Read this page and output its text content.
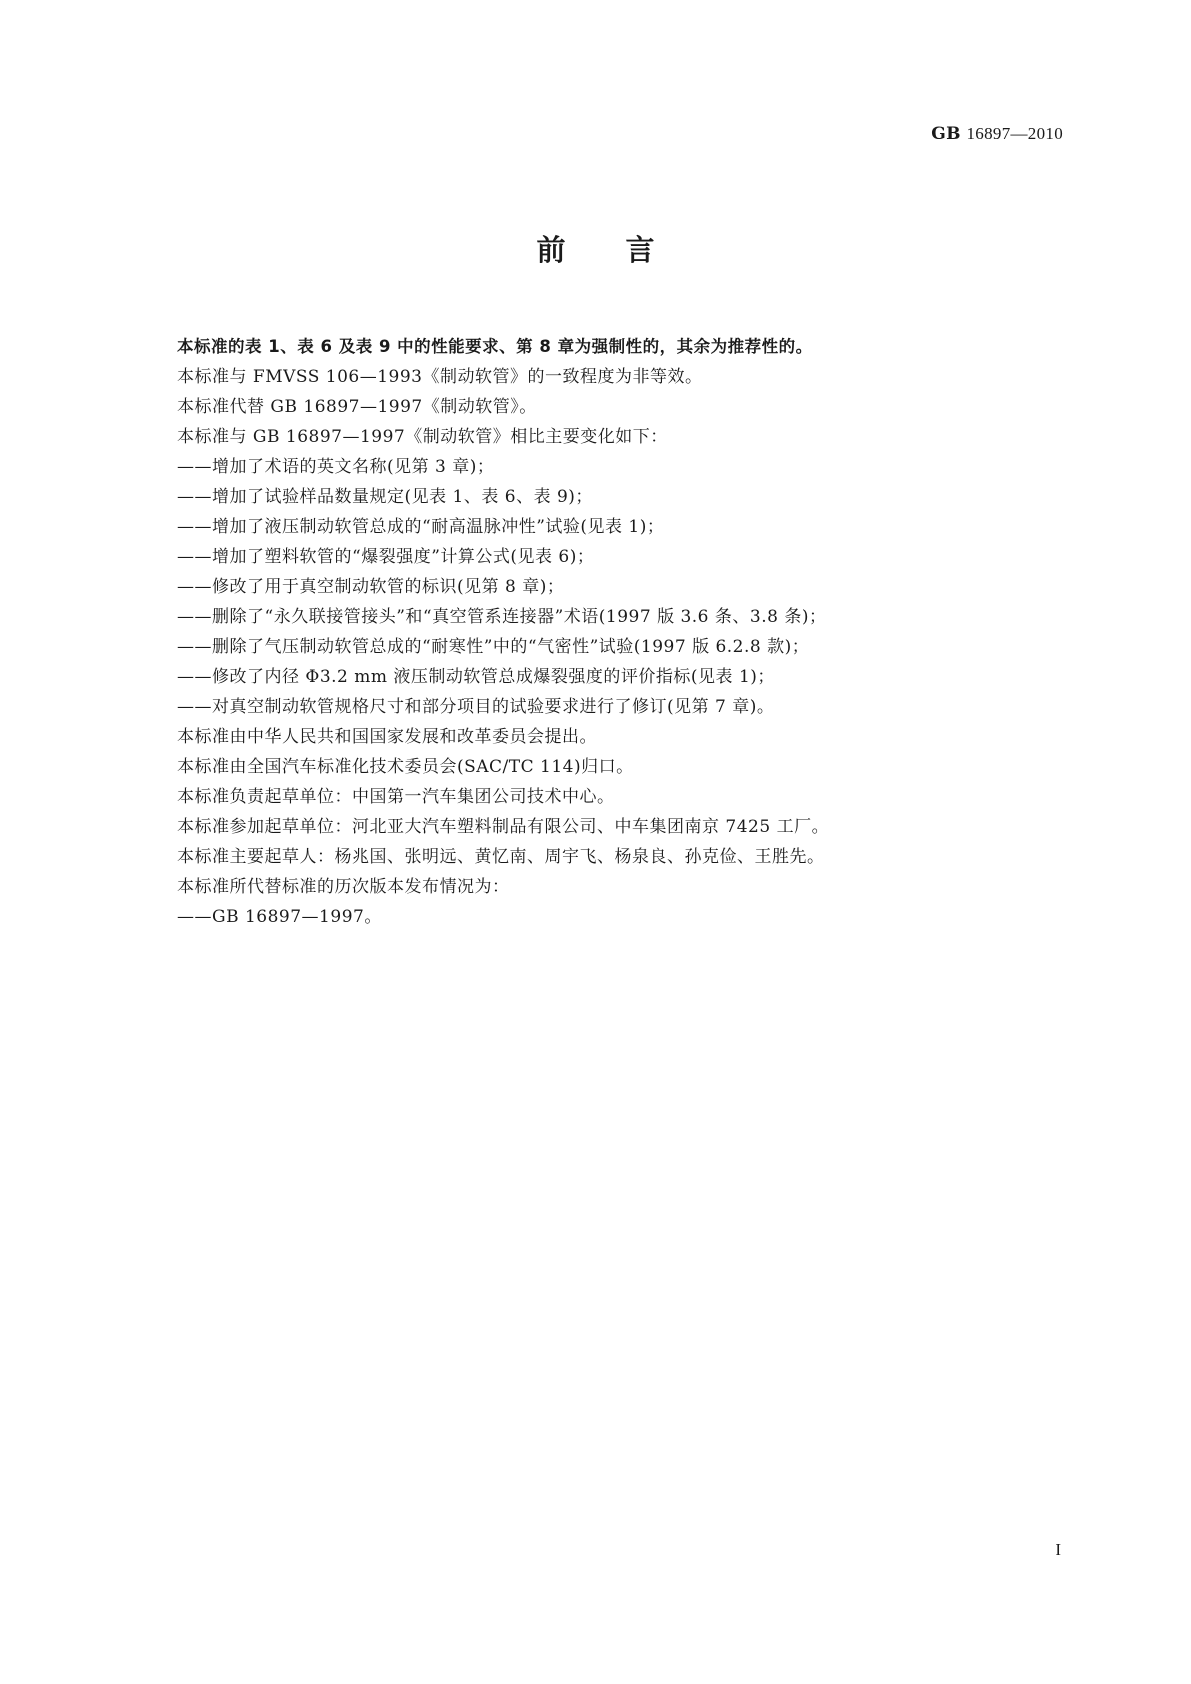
GB 16897—2010
前言
本标准的表 1、表 6 及表 9 中的性能要求、第 8 章为强制性的，其余为推荐性的。
本标准与 FMVSS 106—1993《制动软管》的一致程度为非等效。
本标准代替 GB 16897—1997《制动软管》。
本标准与 GB 16897—1997《制动软管》相比主要变化如下：
——增加了术语的英文名称(见第 3 章)；
——增加了试验样品数量规定(见表 1、表 6、表 9)；
——增加了液压制动软管总成的“耐高温脉冲性”试验(见表 1)；
——增加了塑料软管的“爆裂强度”计算公式(见表 6)；
——修改了用于真空制动软管的标识(见第 8 章)；
——删除了“永久联接管接头”和“真空管系连接器”术语(1997 版 3.6 条、3.8 条)；
——删除了气压制动软管总成的“耐寒性”中的“气密性”试验(1997 版 6.2.8 款)；
——修改了内径 Φ3.2 mm 液压制动软管总成爆裂强度的评价指标(见表 1)；
——对真空制动软管规格尺寸和部分项目的试验要求进行了修订(见第 7 章)。
本标准由中华人民共和国国家发展和改革委员会提出。
本标准由全国汽车标准化技术委员会(SAC/TC 114)归口。
本标准负责起草单位：中国第一汽车集团公司技术中心。
本标准参加起草单位：河北亚大汽车塑料制品有限公司、中车集团南京 7425 工厂。
本标准主要起草人：杨兆国、张明远、黄忆南、周宇飞、杨泉良、孙克俭、王胜先。
本标准所代替标准的历次版本发布情况为：
——GB 16897—1997。
I
